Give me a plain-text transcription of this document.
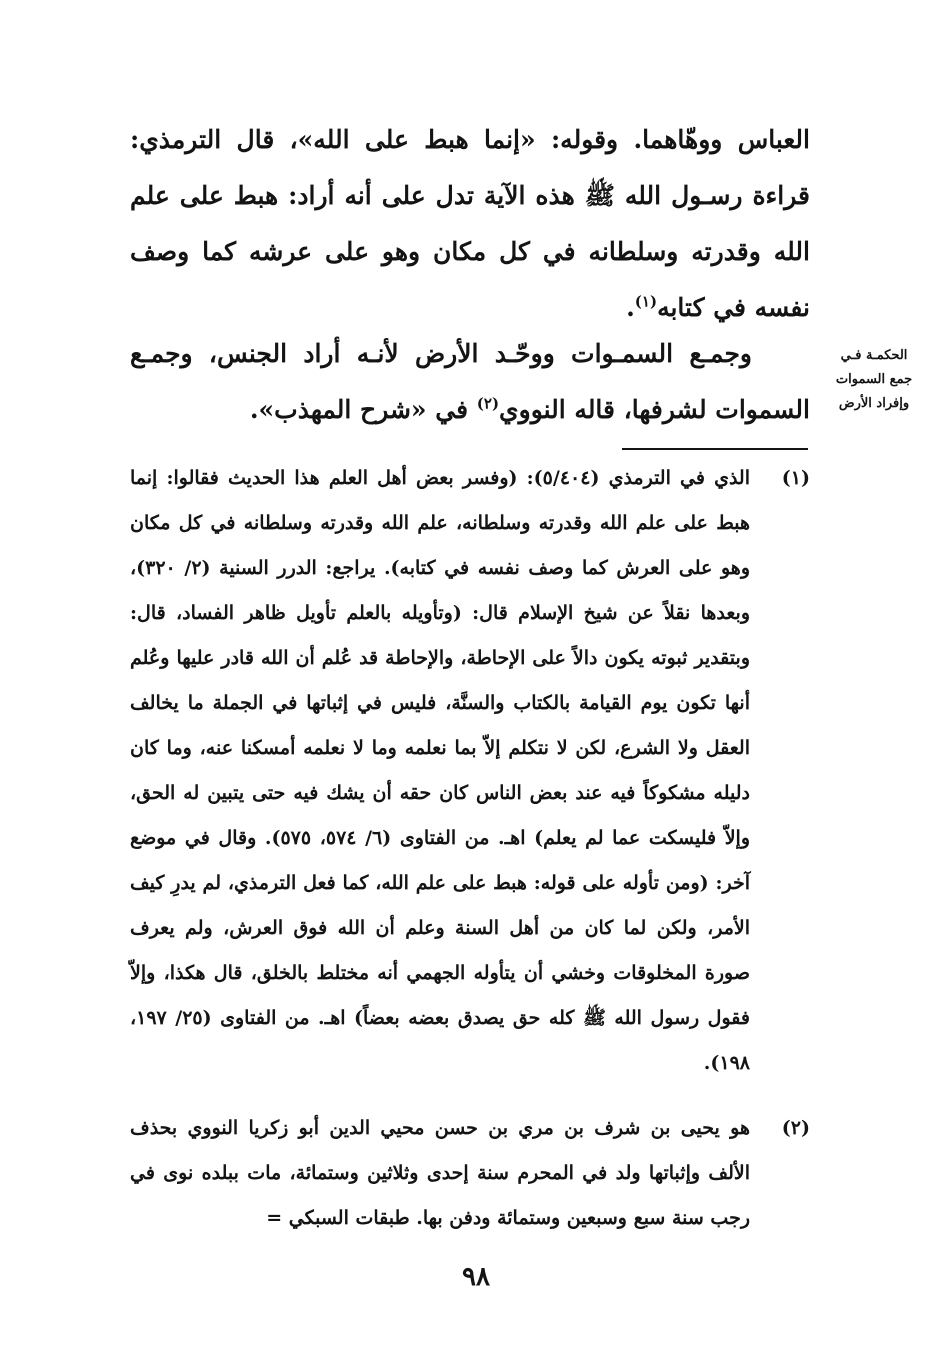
العباس ووهّاهما. وقوله: «إنما هبط على الله»، قال الترمذي: قراءة رسـول الله ﷺ هذه الآية تدل على أنه أراد: هبط على علم الله وقدرته وسلطانه في كل مكان وهو على عرشه كما وصف نفسه في كتابه$^{(١)}$.
وجمـع السمـوات ووحّـد الأرض لأنـه أراد الجنس، وجمـع السموات لشرفها، قاله النووي$^{(٢)}$ في «شرح المهذب».
الحكمـة فـي
جمع السموات
وإفراد الأرض
(١)
الذي في الترمذي (٥/٤٠٤): (وفسر بعض أهل العلم هذا الحديث فقالوا: إنما هبط على علم الله وقدرته وسلطانه، علم الله وقدرته وسلطانه في كل مكان وهو على العرش كما وصف نفسه في كتابه). يراجع: الدرر السنية (٢/ ٣٢٠)، وبعدها نقلاً عن شيخ الإسلام قال: (وتأويله بالعلم تأويل ظاهر الفساد، قال: وبتقدير ثبوته يكون دالاً على الإحاطة، والإحاطة قد عُلم أن الله قادر عليها وعُلم أنها تكون يوم القيامة بالكتاب والسنَّة، فليس في إثباتها في الجملة ما يخالف العقل ولا الشرع، لكن لا نتكلم إلاّ بما نعلمه وما لا نعلمه أمسكنا عنه، وما كان دليله مشكوكاً فيه عند بعض الناس كان حقه أن يشك فيه حتى يتبين له الحق، وإلاّ فليسكت عما لم يعلم) اهـ. من الفتاوى (٦/ ٥٧٤، ٥٧٥). وقال في موضع آخر: (ومن تأوله على قوله: هبط على علم الله، كما فعل الترمذي، لم يدرِ كيف الأمر، ولكن لما كان من أهل السنة وعلم أن الله فوق العرش، ولم يعرف صورة المخلوقات وخشي أن يتأوله الجهمي أنه مختلط بالخلق، قال هكذا، وإلاّ فقول رسول الله ﷺ كله حق يصدق بعضه بعضاً) اهـ. من الفتاوى (٢٥/ ١٩٧، ١٩٨).
(٢)
هو يحيى بن شرف بن مري بن حسن محيي الدين أبو زكريا النووي بحذف الألف وإثباتها ولد في المحرم سنة إحدى وثلاثين وستمائة، مات ببلده نوى في رجب سنة سبع وسبعين وستمائة ودفن بها. طبقات السبكي =
٩٨
